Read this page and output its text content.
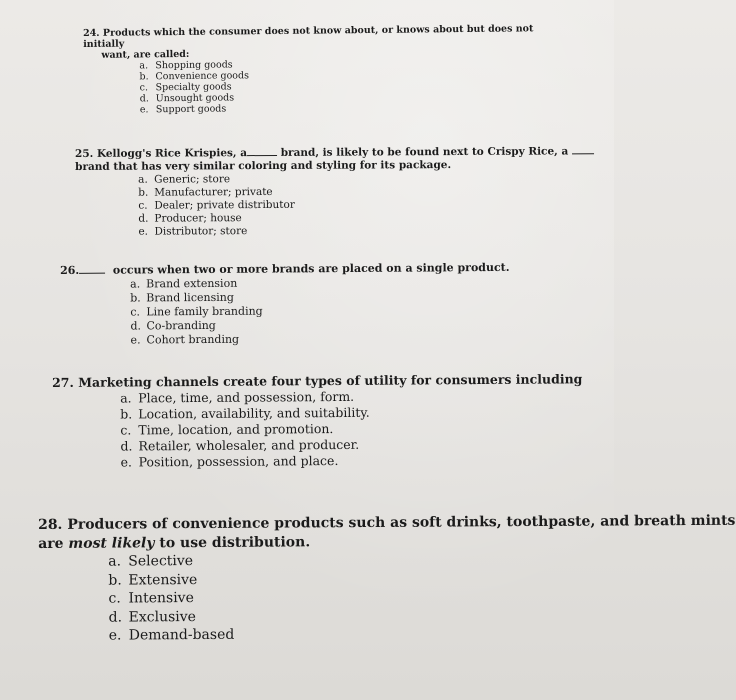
24. Products which the consumer does not know about, or knows about but does not
initially
want, are called:
a. Shopping goods
b. Convenience goods
c. Specialty goods
d. Unsought goods
e. Support goods
25. Kellogg's Rice Krispies, a	brand, is likely to be found next to Crispy Rice, a
brand that has very similar coloring and styling for its package.
a. Generic; store
b. Manufacturer; private
c. Dealer; private distributor
d. Producer; house
e. Distributor; store
26.	occurs when two or more brands are placed on a single product.
a. Brand extension
b. Brand licensing
c. Line family branding
d. Co-branding
e. Cohort branding
27. Marketing channels create four types of utility for consumers including
a. Place, time, and possession, form.
b. Location, availability, and suitability.
c. Time, location, and promotion.
d. Retailer, wholesaler, and producer.
e. Position, possession, and place.
28. Producers of convenience products such as soft drinks, toothpaste, and breath mints
are most likely to use distribution.
a. Selective
b. Extensive
c. Intensive
d. Exclusive
e. Demand-based
